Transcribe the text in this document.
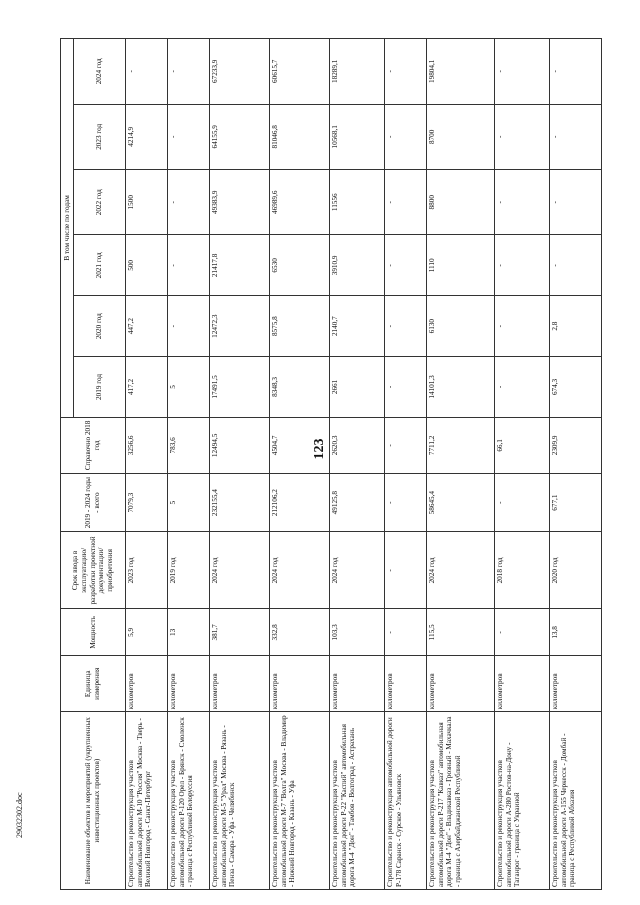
123
29032302.doc	Наименование объектов и мероприятий (укрупненных инвестиционных проектов)	Единица измерения	Мощность	Срок ввода в эксплуатацию/ разработки проектной документации/ приобретения	2019 - 2024 годы - всего	Справочно 2018 год	В том числе по годам					
						2019 год	2020 год	2021 год	2022 год	2023 год	2024 год
Строительство и реконструкция участков автомобильной дороги М-10 "Россия" Москва - Тверь - Великий Новгород - Санкт-Петербург	километров	5,9	2023 год	7079,3	3256,6	417,2	447,2	500	1500	4214,9	-
Строительство и реконструкция участков автомобильной дороги Р-120 Орел - Брянск - Смоленск - граница с Республикой Белоруссия	километров	13	2019 год	5	783,6	5	-	-	-	-	-
Строительство и реконструкция участков автомобильной дороги М-5 "Урал" Москва - Рязань - Пенза - Самара - Уфа - Челябинск	километров	381,7	2024 год	232155,4	12494,5	17491,5	12472,3	21417,8	49383,9	64155,9	67233,9
Строительство и реконструкция участков автомобильной дороги М-7 "Волга" Москва - Владимир - Нижний Новгород - Казань - Уфа	километров	332,8	2024 год	212106,2	4504,7	8348,3	8575,8	6530	46989,6	81046,8	60615,7
Строительство и реконструкция участков автомобильной дороги Р-22 "Каспий" автомобильная дорога М-4 "Дон" - Тамбов - Волгоград - Астрахань	километров	103,3	2024 год	49125,8	2620,3	2661	2140,7	3910,9	11556	10568,1	18289,1
Строительство и реконструкция автомобильной дороги Р-178 Саранск - Сурское - Ульяновск	километров	-	-	-	-	-	-	-	-	-	-
Строительство и реконструкция участков автомобильной дороги Р-217 "Кавказ" автомобильная дорога М-4 "Дон" - Владикавказ - Грозный - Махачкала - граница с Азербайджанской Республикой	километров	115,5	2024 год	58645,4	7711,2	14101,3	6130	1110	8800	8700	19804,1
Строительство и реконструкция участков автомобильной дороги А-280 Ростов-на-Дону - Таганрог - граница с Украиной	километров	-	2018 год	-	66,1	-	-	-	-	-	-
Строительство и реконструкция участков автомобильной дороги А-155 Черкесск - Домбай - граница с Республикой Абхазия	километров	13,8	2020 год	677,1	2309,9	674,3	2,8	-	-	-	-
